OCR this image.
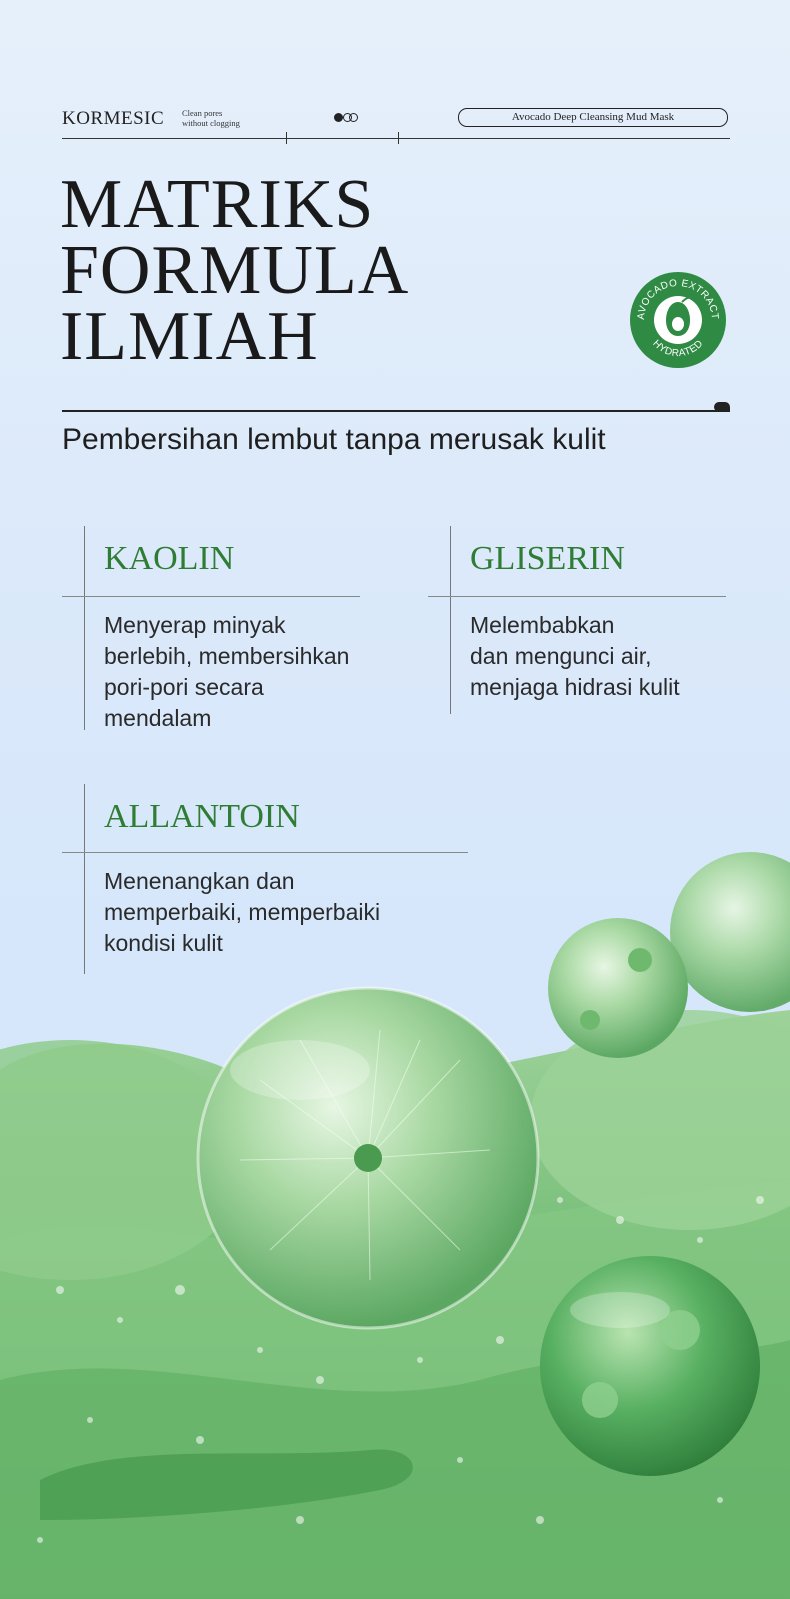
KORMESIC Clean pores
without clogging	Avocado Deep Cleansing Mud Mask
MATRIKS
FORMULA
ILMIAH	AVOCADO EXTRACT
HYDRATED
Pembersihan lembut tanpa merusak kulit
KAOLIN
Menyerap minyak
berlebih, membersihkan
pori-pori secara
mendalam
GLISERIN
Melembabkan
dan mengunci air,
menjaga hidrasi kulit
ALLANTOIN
Menenangkan dan
memperbaiki, memperbaiki
kondisi kulit
